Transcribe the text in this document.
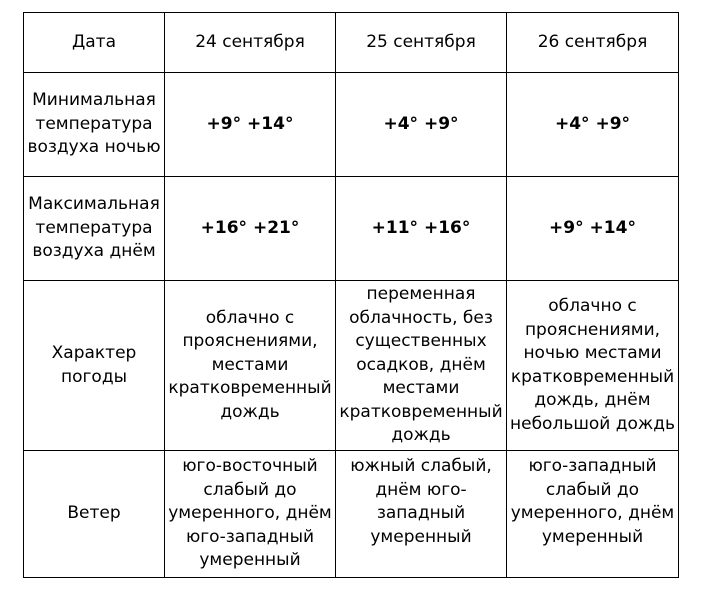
Дата	24 сентября	25 сентября	26 сентября
Минимальная температура воздуха ночью	+9° +14°	+4° +9°	+4° +9°
Максимальная температура воздуха днём	+16° +21°	+11° +16°	+9° +14°
Характер погоды	облачно с прояснениями, местами кратковременный дождь	переменная облачность, без существенных осадков, днём местами кратковременный дождь	облачно с прояснениями, ночью местами кратковременный дождь, днём небольшой дождь
Ветер	юго-восточный слабый до умеренного, днём юго-западный умеренный	южный слабый, днём юго-западный умеренный	юго-западный слабый до умеренного, днём умеренный
